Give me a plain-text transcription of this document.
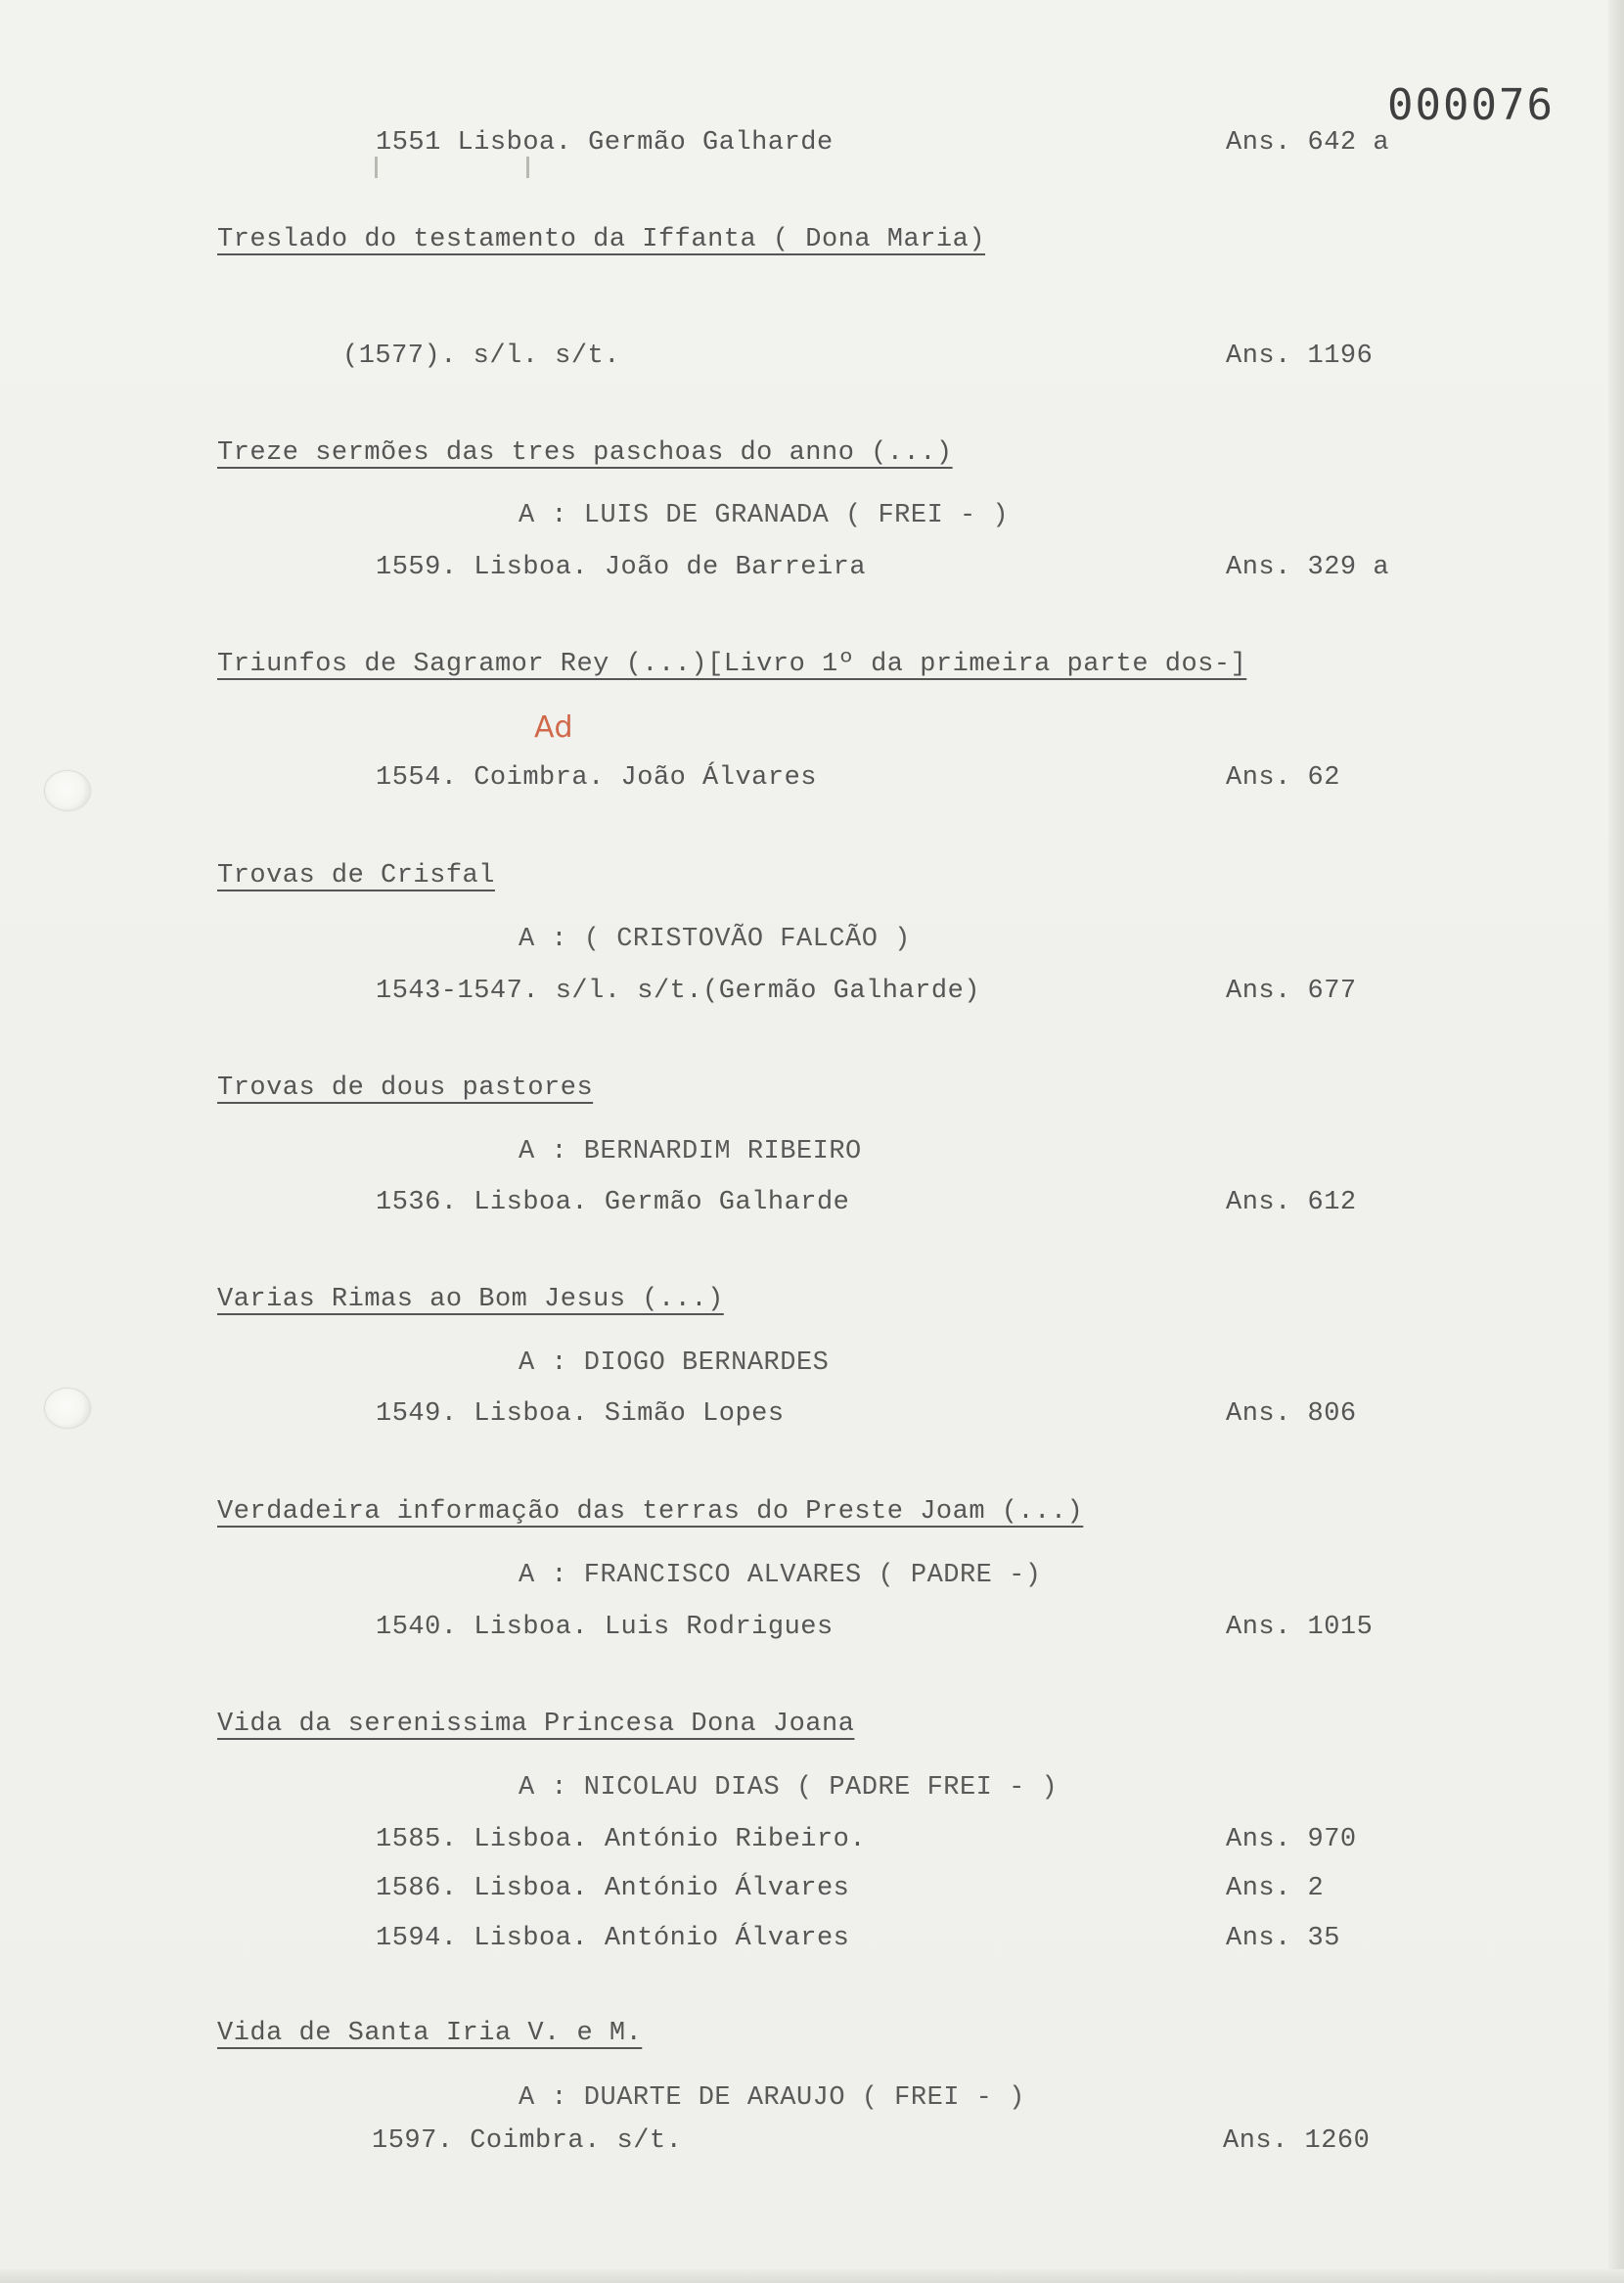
000076
Ad
1551 Lisboa. Germão Galharde	Ans. 642 a
Treslado do testamento da Iffanta ( Dona Maria)
(1577). s/l. s/t.	Ans. 1196
Treze sermões das tres paschoas do anno (...)
A : LUIS DE GRANADA ( FREI - )
1559. Lisboa. João de Barreira	Ans. 329 a
Triunfos de Sagramor Rey (...)[Livro 1º da primeira parte dos-]
1554. Coimbra. João Álvares	Ans. 62
Trovas de Crisfal
A : ( CRISTOVÃO FALCÃO )
1543-1547. s/l. s/t.(Germão Galharde)	Ans. 677
Trovas de dous pastores
A : BERNARDIM RIBEIRO
1536. Lisboa. Germão Galharde	Ans. 612
Varias Rimas ao Bom Jesus (...)
A : DIOGO BERNARDES
1549. Lisboa. Simão Lopes	Ans. 806
Verdadeira informação das terras do Preste Joam (...)
A : FRANCISCO ALVARES ( PADRE -)
1540. Lisboa. Luis Rodrigues	Ans. 1015
Vida da serenissima Princesa Dona Joana
A : NICOLAU DIAS ( PADRE FREI - )
1585. Lisboa. António Ribeiro.	Ans. 970
1586. Lisboa. António Álvares	Ans. 2
1594. Lisboa. António Álvares	Ans. 35
Vida de Santa Iria V. e M.
A : DUARTE DE ARAUJO ( FREI - )
1597. Coimbra. s/t.	Ans. 1260
